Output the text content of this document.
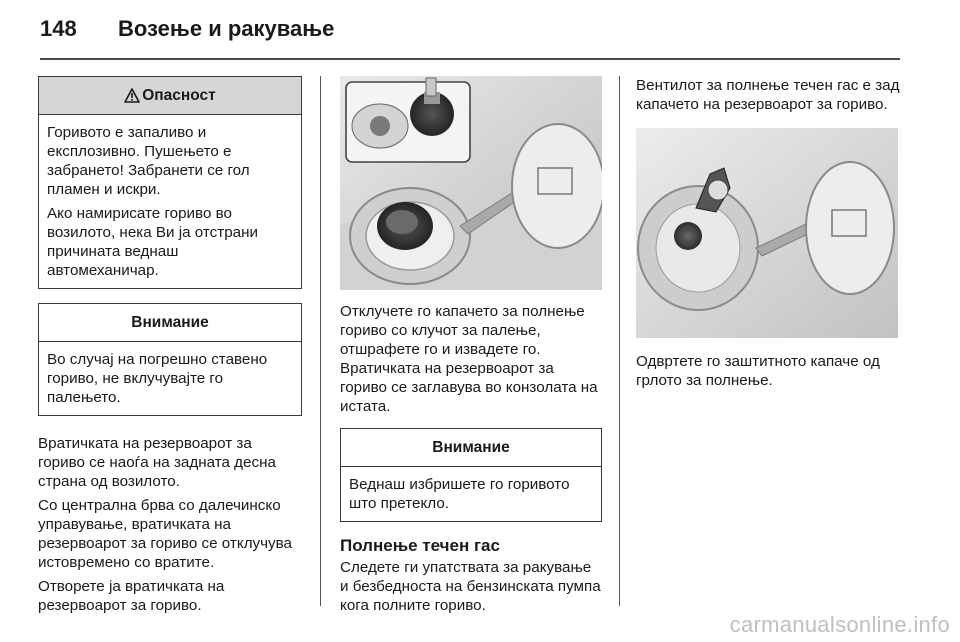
148 Возење и ракување
Опасност

Горивото е запаливо и експлозивно. Пушењето е забрането! Забранети се гол пламен и искри.

Ако намирисате гориво во возилото, нека Ви ја отстрани причината веднаш автомеханичар.

Внимание

Во случај на погрешно ставено гориво, не вклучувајте го палењето.

Вратичката на резервоарот за гориво се наоѓа на задната десна страна од возилото.

Со централна брва со далечинско управување, вратичката на резервоарот за гориво се отклучува истовремено со вратите.

Отворете ја вратичката на резервоарот за гориво.

Отклучете го капачето за полнење гориво со клучот за палење, отшрафете го и извадете го. Вратичката на резервоарот за гориво се заглавува во конзолата на истата.

Внимание

Веднаш избришете го горивото што претекло.

Полнење течен гас

Следете ги упатствата за ракување и безбедноста на бензинската пумпа кога полните гориво.

Вентилот за полнење течен гас е зад капачето на резервоарот за гориво.

Одвртете го заштитното капаче од грлото за полнење.

carmanualsonline.info
